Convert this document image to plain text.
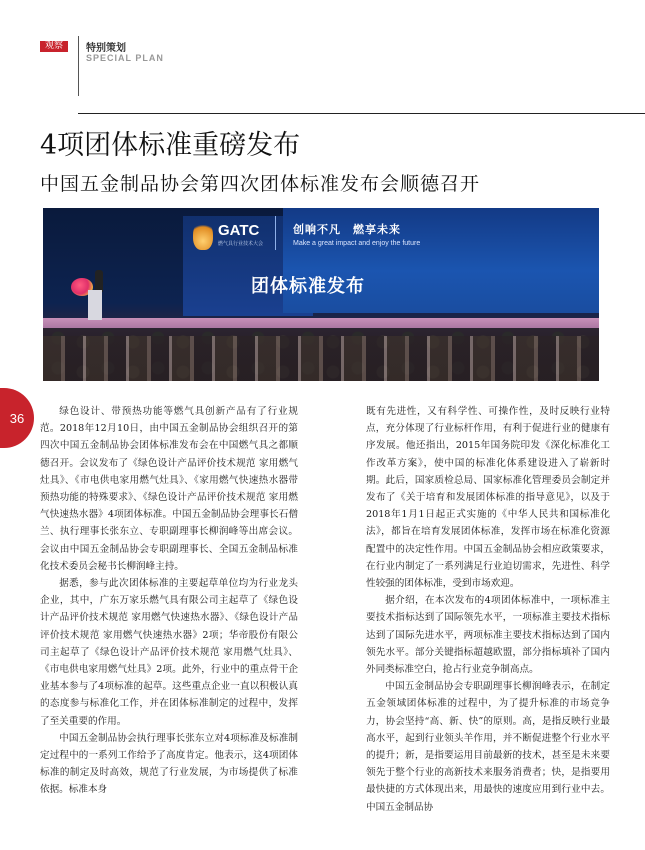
观察	特别策划
SPECIAL PLAN
4项团体标准重磅发布
中国五金制品协会第四次团体标准发布会顺德召开
GATC
燃气具行业技术大会
创响不凡　燃享未来
Make a great impact and enjoy the future
团体标准发布
36	绿色设计、带预热功能等燃气具创新产品有了行业规范。2018年12月10日，由中国五金制品协会组织召开的第四次中国五金制品协会团体标准发布会在中国燃气具之都顺德召开。会议发布了《绿色设计产品评价技术规范 家用燃气灶具》、《市电供电家用燃气灶具》、《家用燃气快速热水器带预热功能的特殊要求》、《绿色设计产品评价技术规范 家用燃气快速热水器》4项团体标准。中国五金制品协会理事长石僧兰、执行理事长张东立、专职副理事长柳润峰等出席会议。会议由中国五金制品协会专职副理事长、全国五金制品标准化技术委员会秘书长柳润峰主持。

据悉，参与此次团体标准的主要起草单位均为行业龙头企业，其中，广东万家乐燃气具有限公司主起草了《绿色设计产品评价技术规范 家用燃气快速热水器》、《绿色设计产品评价技术规范 家用燃气快速热水器》2项；华帝股份有限公司主起草了《绿色设计产品评价技术规范 家用燃气灶具》、《市电供电家用燃气灶具》2项。此外，行业中的重点骨干企业基本参与了4项标准的起草。这些重点企业一直以积极认真的态度参与标准化工作，并在团体标准制定的过程中，发挥了至关重要的作用。

中国五金制品协会执行理事长张东立对4项标准及标准制定过程中的一系列工作给予了高度肯定。他表示，这4项团体标准的制定及时高效，规范了行业发展，为市场提供了标准依据。标准本身

既有先进性，又有科学性、可操作性，及时反映行业特点，充分体现了行业标杆作用，有利于促进行业的健康有序发展。他还指出，2015年国务院印发《深化标准化工作改革方案》，使中国的标准化体系建设进入了崭新时期。此后，国家质检总局、国家标准化管理委员会制定并发布了《关于培育和发展团体标准的指导意见》，以及于2018年1月1日起正式实施的《中华人民共和国标准化法》，都旨在培育发展团体标准，发挥市场在标准化资源配置中的决定性作用。中国五金制品协会相应政策要求，在行业内制定了一系列满足行业迫切需求，先进性、科学性较强的团体标准，受到市场欢迎。

据介绍，在本次发布的4项团体标准中，一项标准主要技术指标达到了国际领先水平，一项标准主要技术指标达到了国际先进水平，两项标准主要技术指标达到了国内领先水平。部分关键指标超越欧盟，部分指标填补了国内外同类标准空白，抢占行业竞争制高点。

中国五金制品协会专职副理事长柳润峰表示，在制定五金领域团体标准的过程中，为了提升标准的市场竞争力，协会坚持“高、新、快”的原则。高，是指反映行业最高水平，起到行业领头羊作用，并不断促进整个行业水平的提升；新，是指要运用目前最新的技术，甚至是未来要领先于整个行业的高新技术来服务消费者；快，是指要用最快捷的方式体现出来，用最快的速度应用到行业中去。中国五金制品协
